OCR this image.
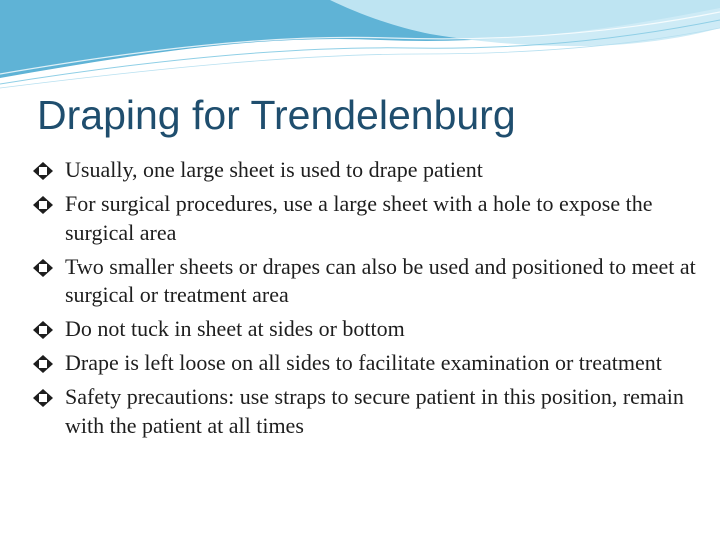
Draping for Trendelenburg
Usually, one large sheet is used to drape patient
For surgical procedures, use a large sheet with a hole to expose the surgical area
Two smaller sheets or drapes can also be used and positioned to meet at surgical or treatment area
Do not tuck in sheet at sides or bottom
Drape is left loose on all sides to facilitate examination or treatment
Safety precautions: use straps to secure patient in this position, remain with the patient at all times
